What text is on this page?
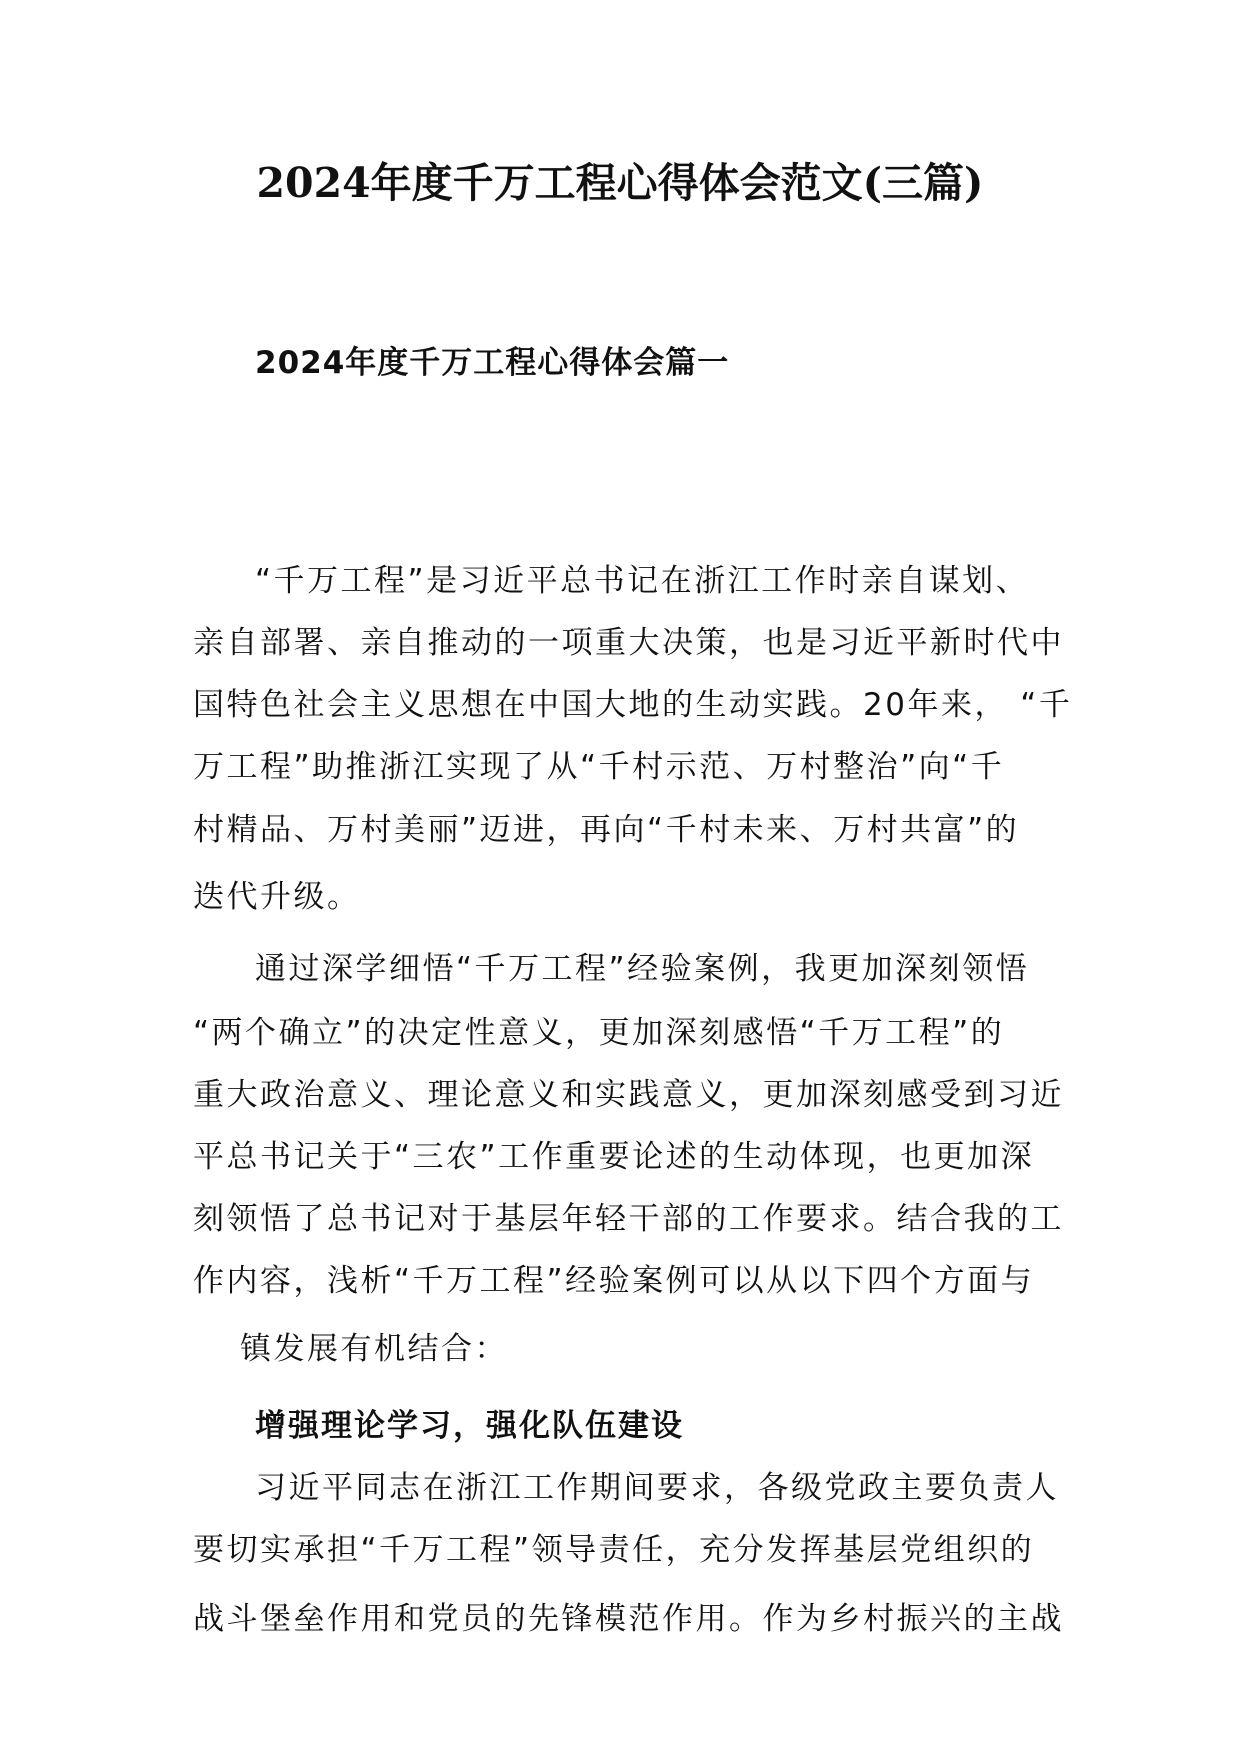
2024年度千万工程心得体会范文(三篇)
2024年度千万工程心得体会篇一
“千万工程”是习近平总书记在浙江工作时亲自谋划、
亲自部署、亲自推动的一项重大决策，也是习近平新时代中
国特色社会主义思想在中国大地的生动实践。20年来， “千
万工程”助推浙江实现了从“千村示范、万村整治”向“千
村精品、万村美丽”迈进，再向“千村未来、万村共富”的
迭代升级。
通过深学细悟“千万工程”经验案例，我更加深刻领悟
“两个确立”的决定性意义，更加深刻感悟“千万工程”的
重大政治意义、理论意义和实践意义，更加深刻感受到习近
平总书记关于“三农”工作重要论述的生动体现，也更加深
刻领悟了总书记对于基层年轻干部的工作要求。结合我的工
作内容，浅析“千万工程”经验案例可以从以下四个方面与
镇发展有机结合：
增强理论学习，强化队伍建设
习近平同志在浙江工作期间要求，各级党政主要负责人
要切实承担“千万工程”领导责任，充分发挥基层党组织的
战斗堡垒作用和党员的先锋模范作用。作为乡村振兴的主战
